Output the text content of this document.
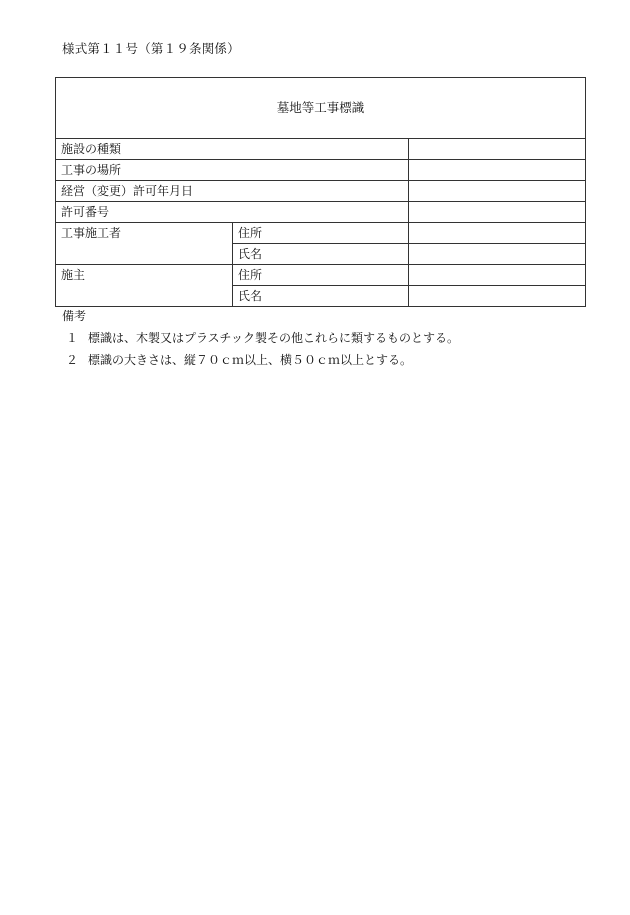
様式第１１号（第１９条関係）
墓地等工事標識		
施設の種類		
工事の場所		
経営（変更）許可年月日		
許可番号		
工事施工者	住所	
	氏名	
施主	住所	
	氏名	
備考
１ 標識は、木製又はプラスチック製その他これらに類するものとする。
２ 標識の大きさは、縦７０ｃｍ以上、横５０ｃｍ以上とする。
